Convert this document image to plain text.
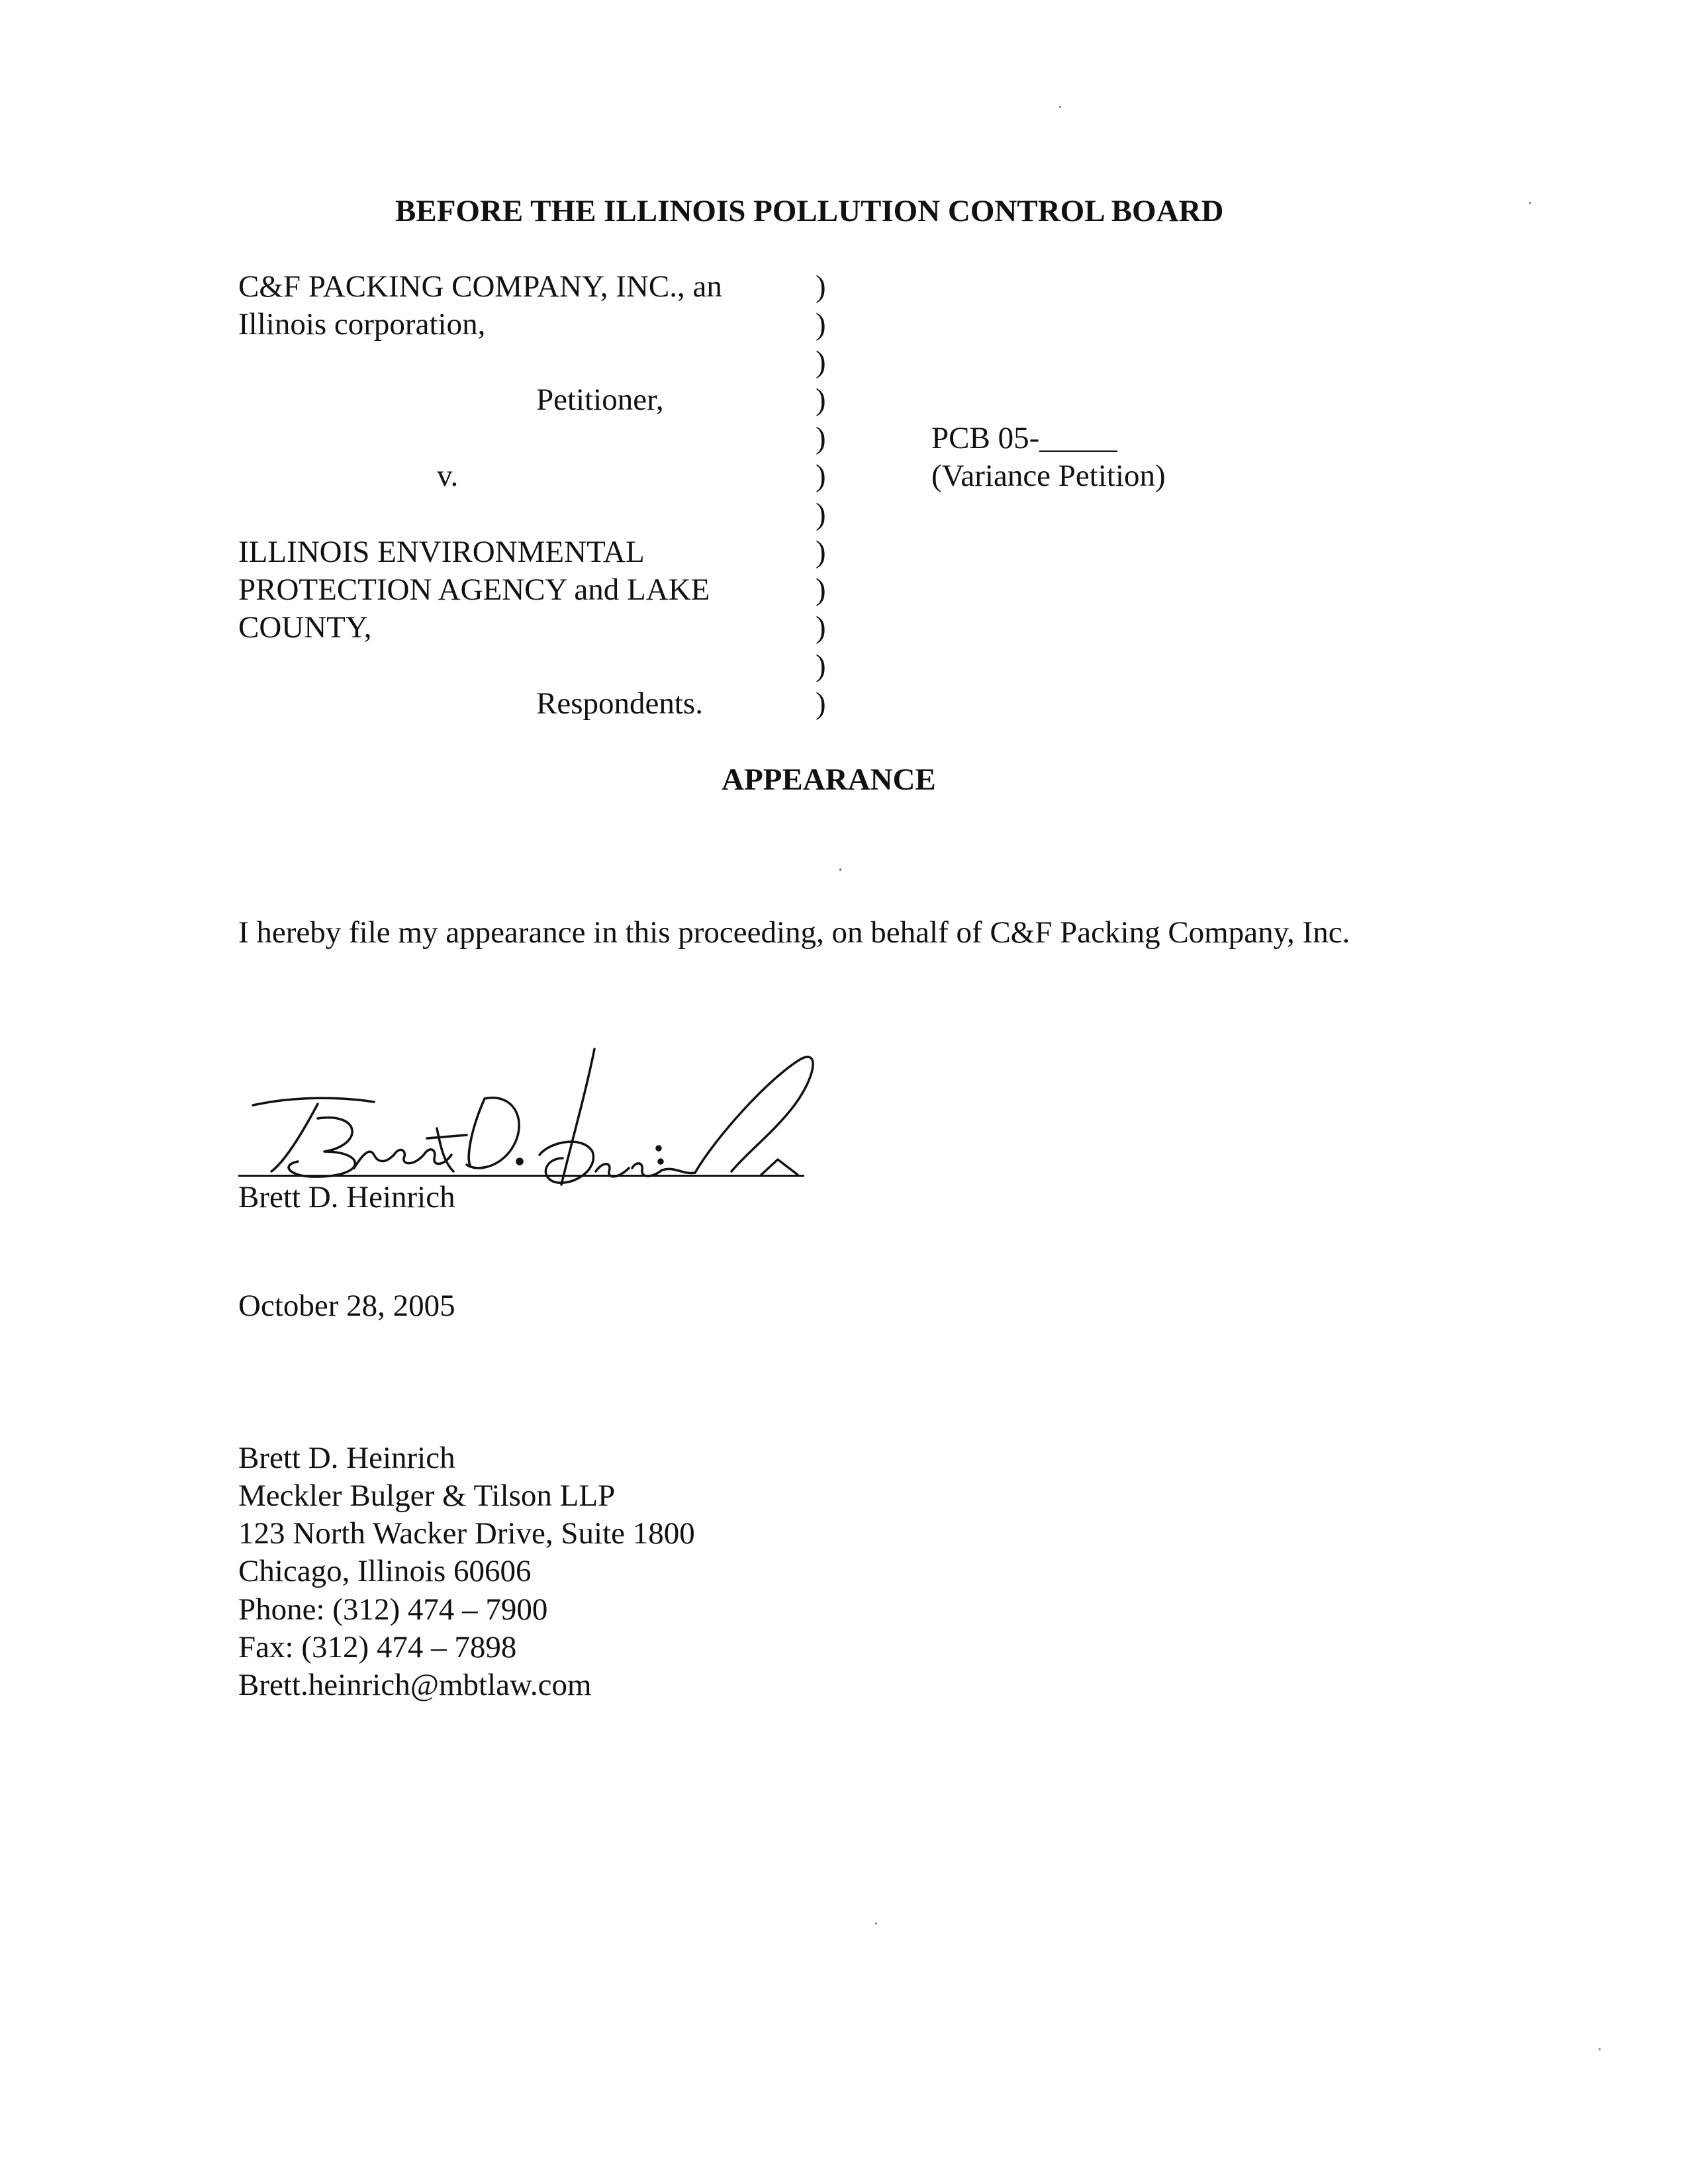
BEFORE THE ILLINOIS POLLUTION CONTROL BOARD
C&F PACKING COMPANY, INC., an
Illinois corporation,
Petitioner,
v.
ILLINOIS ENVIRONMENTAL
PROTECTION AGENCY and LAKE
COUNTY,
Respondents.
)
)
)
)
)
)
)
)
)
)
)
)
PCB 05-_____
(Variance Petition)
APPEARANCE
I hereby file my appearance in this proceeding, on behalf of C&F Packing Company, Inc.
Brett D. Heinrich
October 28, 2005
Brett D. Heinrich
Meckler Bulger & Tilson LLP
123 North Wacker Drive, Suite 1800
Chicago, Illinois 60606
Phone: (312) 474 – 7900
Fax: (312) 474 – 7898
Brett.heinrich@mbtlaw.com
